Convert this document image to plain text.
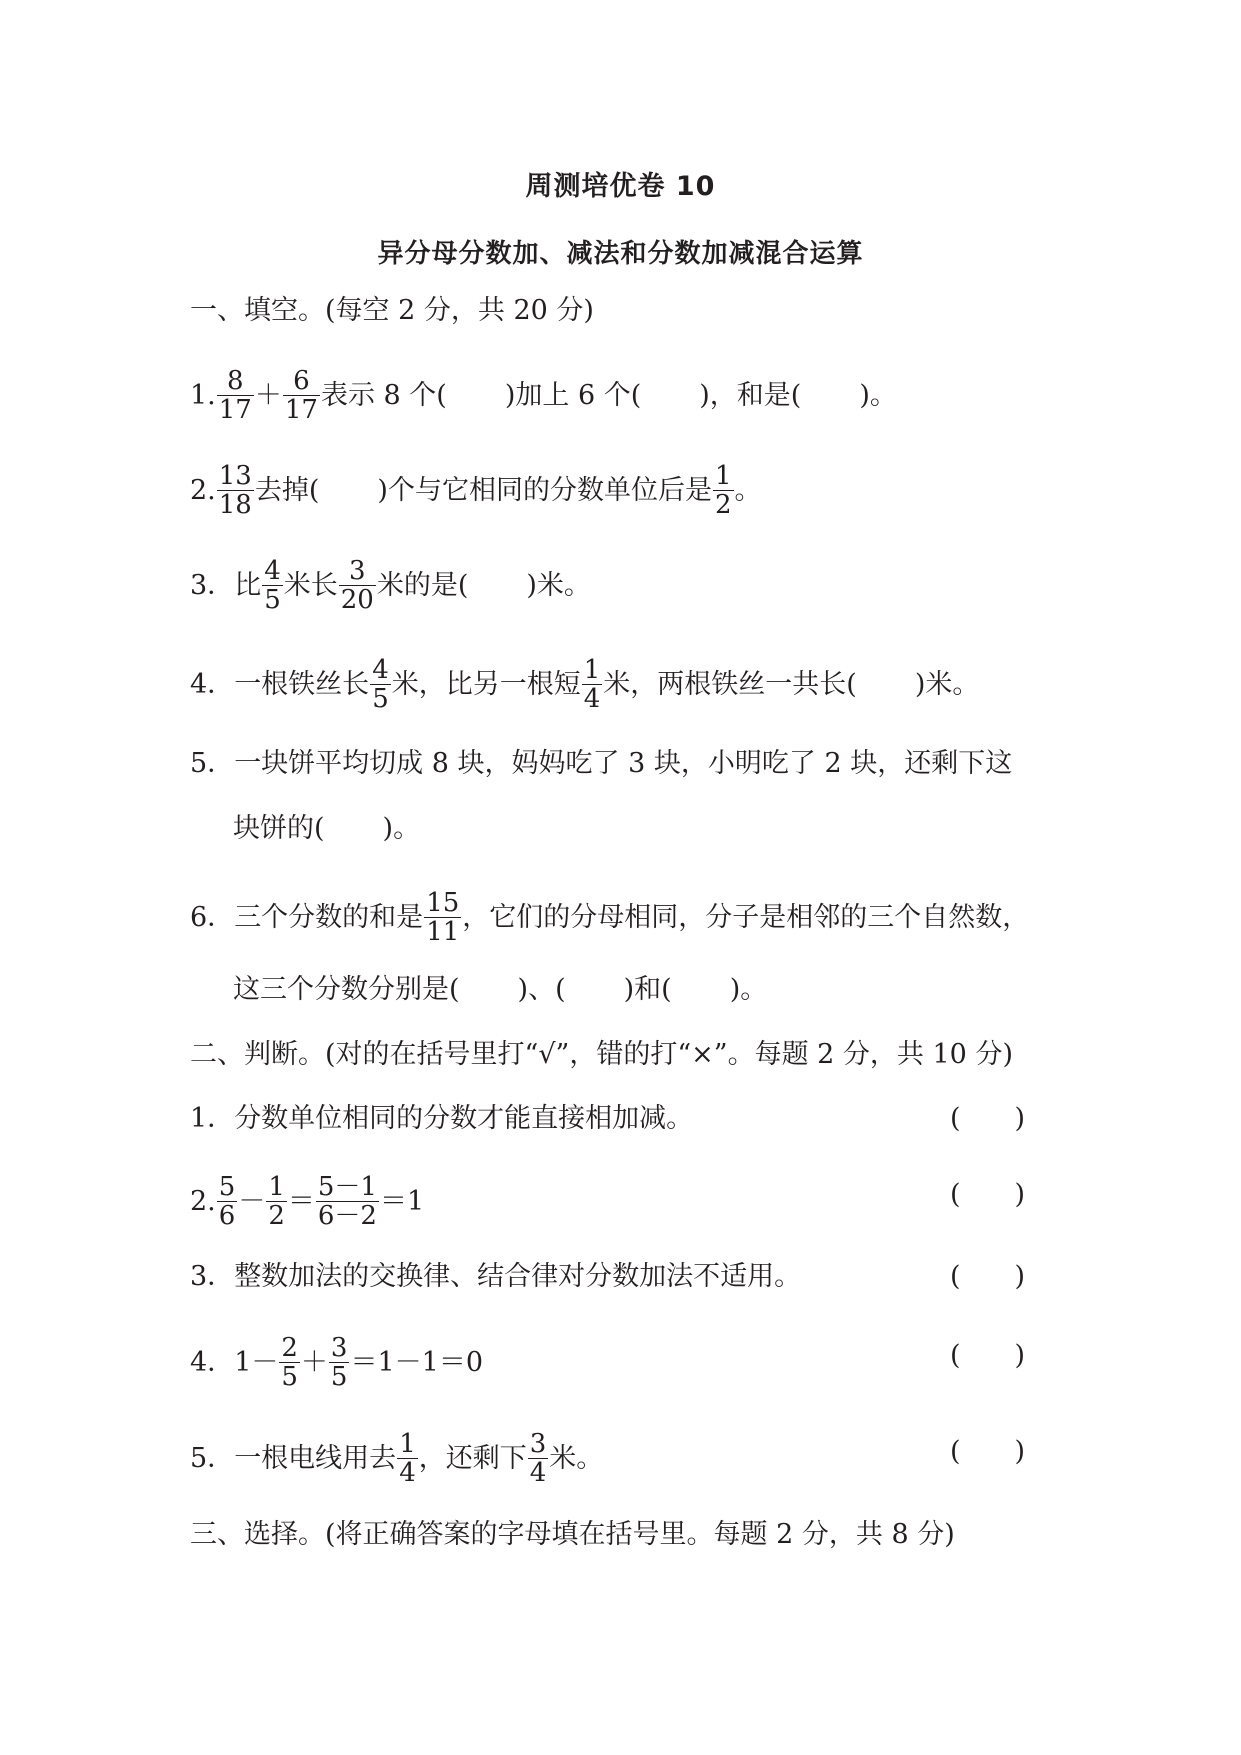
周测培优卷 10
异分母分数加、减法和分数加减混合运算
一、填空。(每空 2 分，共 20 分)
1. $\frac{8}{17} + \frac{6}{17}$ 表示 8 个( )加上 6 个( )，和是( )。
2. $\frac{13}{18}$ 去掉( )个与它相同的分数单位后是 $\frac{1}{2}$ 。
3． 比 $\frac{4}{5}$ 米长 $\frac{3}{20}$ 米的是( )米。
4． 一根铁丝长 $\frac{4}{5}$ 米，比另一根短 $\frac{1}{4}$ 米，两根铁丝一共长( )米。
5． 一块饼平均切成 8 块，妈妈吃了 3 块，小明吃了 2 块，还剩下这
块饼的( )。
6． 三个分数的和是 $\frac{15}{11}$ ，它们的分母相同，分子是相邻的三个自然数，
这三个分数分别是( )、( )和( )。
二、判断。(对的在括号里打“√”，错的打“×”。每题 2 分，共 10 分)
1． 分数单位相同的分数才能直接相加减。	(　　)
2. $\frac{5}{6} - \frac{1}{2} = \frac{5-1}{6-2} =1$	(　　)
3． 整数加法的交换律、结合律对分数加法不适用。	(　　)
4． $1- \frac{2}{5} + \frac{3}{5} =1-1=0$	(　　)
5． 一根电线用去 $\frac{1}{4}$ ，还剩下 $\frac{3}{4}$ 米。	(　　)
三、选择。(将正确答案的字母填在括号里。每题 2 分，共 8 分)
